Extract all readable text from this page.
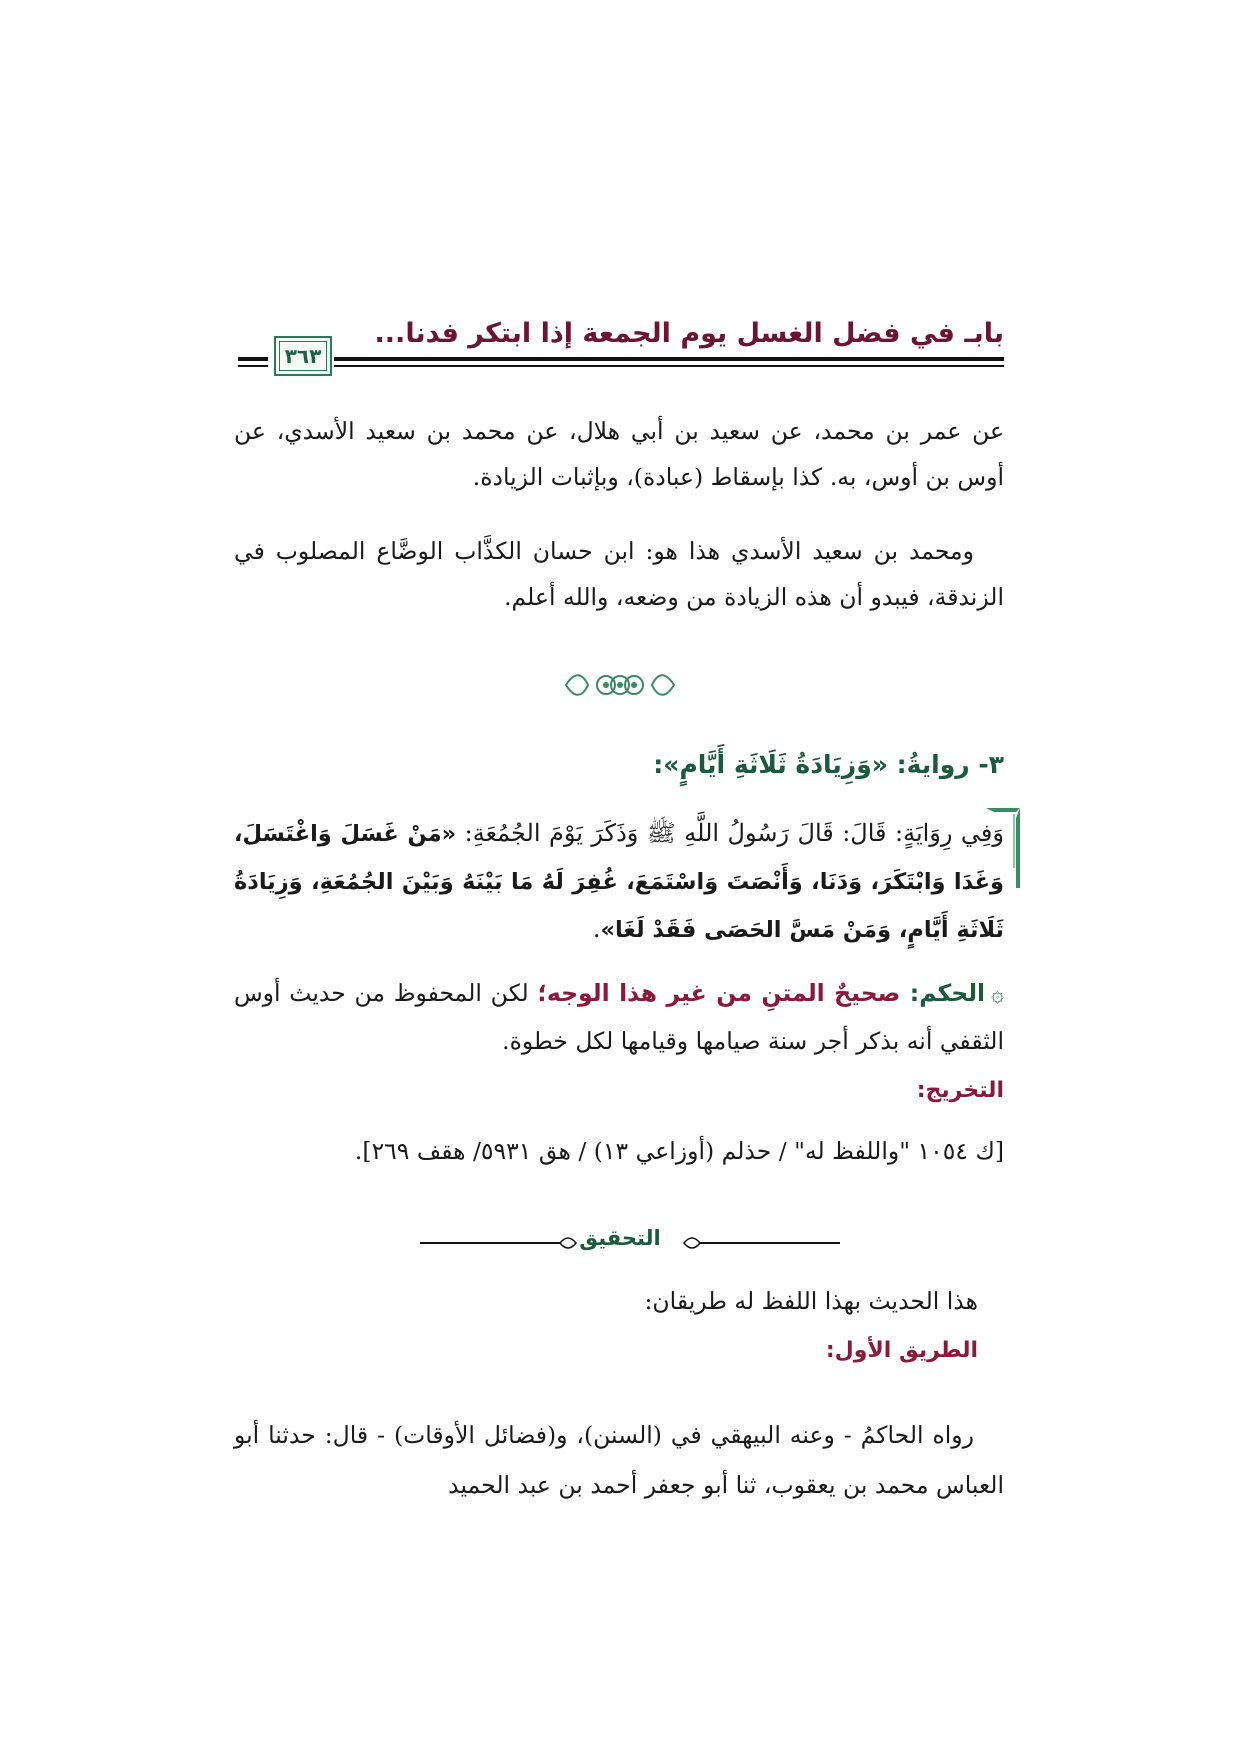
بابـ في فضل الغسل يوم الجمعة إذا ابتكر فدنا...
٣٦٣
عن عمر بن محمد، عن سعيد بن أبي هلال، عن محمد بن سعيد الأسدي، عن أوس بن أوس، به. كذا بإسقاط (عبادة)، وبإثبات الزيادة.
ومحمد بن سعيد الأسدي هذا هو: ابن حسان الكذَّاب الوضَّاع المصلوب في الزندقة، فيبدو أن هذه الزيادة من وضعه، والله أعلم.
٣- روايةُ: «وَزِيَادَةُ ثَلَاثَةِ أَيَّامٍ»:
وَفِي رِوَايَةٍ: قَالَ: قَالَ رَسُولُ اللَّهِ ﷺ وَذَكَرَ يَوْمَ الجُمُعَةِ: «مَنْ غَسَلَ وَاغْتَسَلَ، وَغَدَا وَابْتَكَرَ، وَدَنَا، وَأَنْصَتَ وَاسْتَمَعَ، غُفِرَ لَهُ مَا بَيْنَهُ وَبَيْنَ الجُمُعَةِ، وَزِيَادَةُ ثَلَاثَةِ أَيَّامٍ، وَمَنْ مَسَّ الحَصَى فَقَدْ لَغَا».
۞الحكم: صحيحٌ المتنِ من غير هذا الوجه؛ لكن المحفوظ من حديث أوس الثقفي أنه بذكر أجر سنة صيامها وقيامها لكل خطوة.
التخريج:
[ك ١٠٥٤ "واللفظ له" / حذلم (أوزاعي ١٣) / هق ٥٩٣١/ هقف ٢٦٩].
التحقيق
هذا الحديث بهذا اللفظ له طريقان:
الطريق الأول:
رواه الحاكمُ - وعنه البيهقي في (السنن)، و(فضائل الأوقات) - قال: حدثنا أبو العباس محمد بن يعقوب، ثنا أبو جعفر أحمد بن عبد الحميد
